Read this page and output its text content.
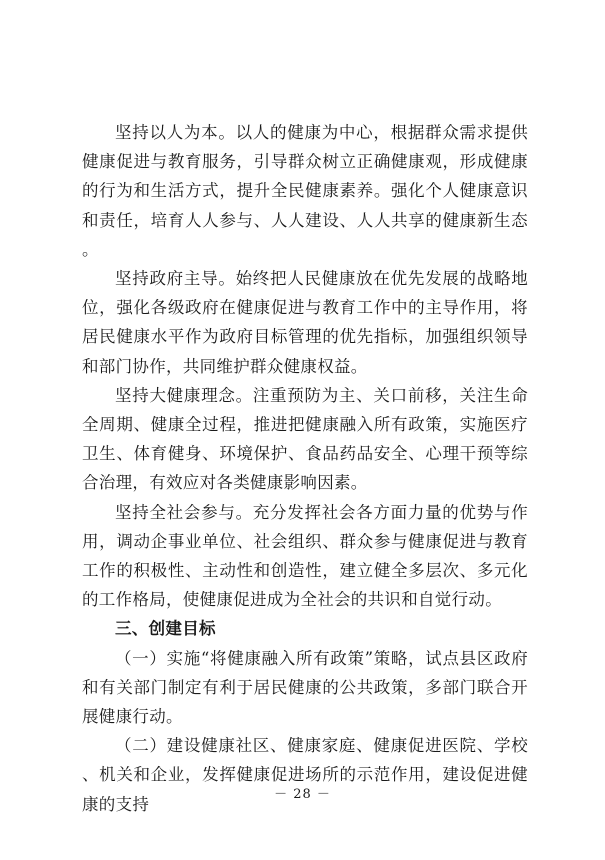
坚持以人为本。以人的健康为中心，根据群众需求提供健康促进与教育服务，引导群众树立正确健康观，形成健康的行为和生活方式，提升全民健康素养。强化个人健康意识和责任，培育人人参与、人人建设、人人共享的健康新生态。

坚持政府主导。始终把人民健康放在优先发展的战略地位，强化各级政府在健康促进与教育工作中的主导作用，将居民健康水平作为政府目标管理的优先指标，加强组织领导和部门协作，共同维护群众健康权益。

坚持大健康理念。注重预防为主、关口前移，关注生命全周期、健康全过程，推进把健康融入所有政策，实施医疗卫生、体育健身、环境保护、食品药品安全、心理干预等综合治理，有效应对各类健康影响因素。

坚持全社会参与。充分发挥社会各方面力量的优势与作用，调动企事业单位、社会组织、群众参与健康促进与教育工作的积极性、主动性和创造性，建立健全多层次、多元化的工作格局，使健康促进成为全社会的共识和自觉行动。

三、创建目标

（一）实施“将健康融入所有政策”策略，试点县区政府和有关部门制定有利于居民健康的公共政策，多部门联合开展健康行动。

（二）建设健康社区、健康家庭、健康促进医院、学校、机关和企业，发挥健康促进场所的示范作用，建设促进健康的支持

－ 28 －
